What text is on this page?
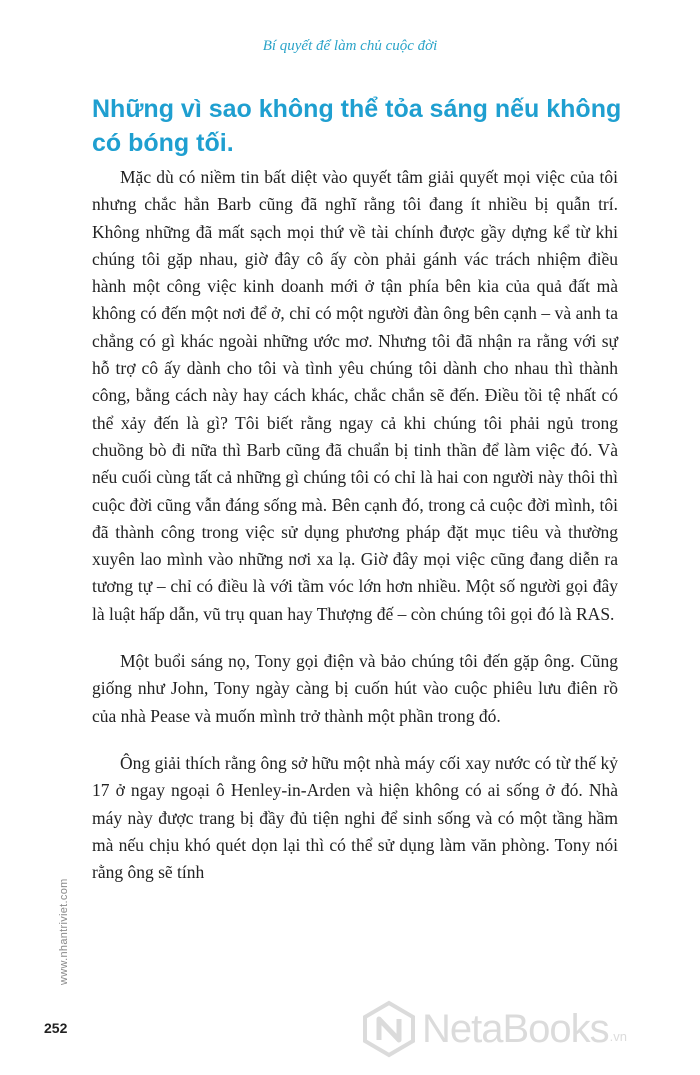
Bí quyết để làm chủ cuộc đời
Những vì sao không thể tỏa sáng nếu không có bóng tối.

Mặc dù có niềm tin bất diệt vào quyết tâm giải quyết mọi việc của tôi nhưng chắc hẳn Barb cũng đã nghĩ rằng tôi đang ít nhiều bị quẫn trí. Không những đã mất sạch mọi thứ về tài chính được gầy dựng kể từ khi chúng tôi gặp nhau, giờ đây cô ấy còn phải gánh vác trách nhiệm điều hành một công việc kinh doanh mới ở tận phía bên kia của quả đất mà không có đến một nơi để ở, chỉ có một người đàn ông bên cạnh – và anh ta chẳng có gì khác ngoài những ước mơ. Nhưng tôi đã nhận ra rằng với sự hỗ trợ cô ấy dành cho tôi và tình yêu chúng tôi dành cho nhau thì thành công, bằng cách này hay cách khác, chắc chắn sẽ đến. Điều tồi tệ nhất có thể xảy đến là gì? Tôi biết rằng ngay cả khi chúng tôi phải ngủ trong chuồng bò đi nữa thì Barb cũng đã chuẩn bị tinh thần để làm việc đó. Và nếu cuối cùng tất cả những gì chúng tôi có chỉ là hai con người này thôi thì cuộc đời cũng vẫn đáng sống mà. Bên cạnh đó, trong cả cuộc đời mình, tôi đã thành công trong việc sử dụng phương pháp đặt mục tiêu và thường xuyên lao mình vào những nơi xa lạ. Giờ đây mọi việc cũng đang diễn ra tương tự – chỉ có điều là với tầm vóc lớn hơn nhiều. Một số người gọi đây là luật hấp dẫn, vũ trụ quan hay Thượng đế – còn chúng tôi gọi đó là RAS.

Một buổi sáng nọ, Tony gọi điện và bảo chúng tôi đến gặp ông. Cũng giống như John, Tony ngày càng bị cuốn hút vào cuộc phiêu lưu điên rồ của nhà Pease và muốn mình trở thành một phần trong đó.

Ông giải thích rằng ông sở hữu một nhà máy cối xay nước có từ thế kỷ 17 ở ngay ngoại ô Henley-in-Arden và hiện không có ai sống ở đó. Nhà máy này được trang bị đầy đủ tiện nghi để sinh sống và có một tầng hầm mà nếu chịu khó quét dọn lại thì có thể sử dụng làm văn phòng. Tony nói rằng ông sẽ tính

www.nhantriviet.com
252	NetaBooks .vn
